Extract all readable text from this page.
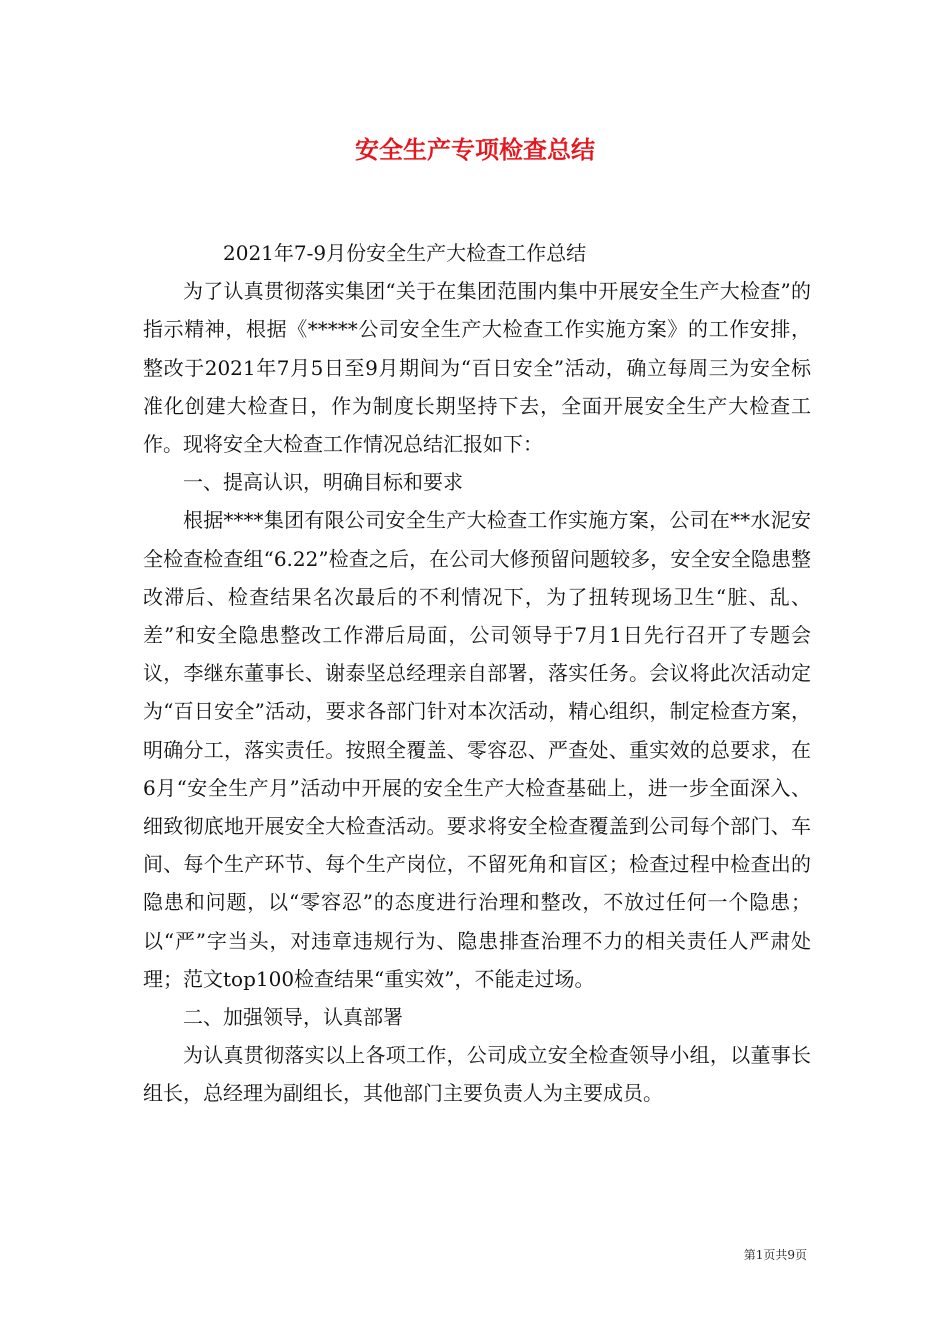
安全生产专项检查总结

2021年7-9月份安全生产大检查工作总结

为了认真贯彻落实集团“关于在集团范围内集中开展安全生产大检查”的指示精神，根据《*****公司安全生产大检查工作实施方案》的工作安排，整改于2021年7月5日至9月期间为“百日安全”活动，确立每周三为安全标准化创建大检查日，作为制度长期坚持下去，全面开展安全生产大检查工作。现将安全大检查工作情况总结汇报如下：

一、提高认识，明确目标和要求

根据****集团有限公司安全生产大检查工作实施方案，公司在**水泥安全检查检查组“6.22”检查之后，在公司大修预留问题较多，安全安全隐患整改滞后、检查结果名次最后的不利情况下，为了扭转现场卫生“脏、乱、差”和安全隐患整改工作滞后局面，公司领导于7月1日先行召开了专题会议，李继东董事长、谢泰坚总经理亲自部署，落实任务。会议将此次活动定为“百日安全”活动，要求各部门针对本次活动，精心组织，制定检查方案，明确分工，落实责任。按照全覆盖、零容忍、严查处、重实效的总要求，在6月“安全生产月”活动中开展的安全生产大检查基础上，进一步全面深入、细致彻底地开展安全大检查活动。要求将安全检查覆盖到公司每个部门、车间、每个生产环节、每个生产岗位，不留死角和盲区；检查过程中检查出的隐患和问题，以“零容忍”的态度进行治理和整改，不放过任何一个隐患；以“严”字当头，对违章违规行为、隐患排查治理不力的相关责任人严肃处理；范文top100检查结果“重实效”，不能走过场。

二、加强领导，认真部署

为认真贯彻落实以上各项工作，公司成立安全检查领导小组，以董事长组长，总经理为副组长，其他部门主要负责人为主要成员。

第1页共9页
